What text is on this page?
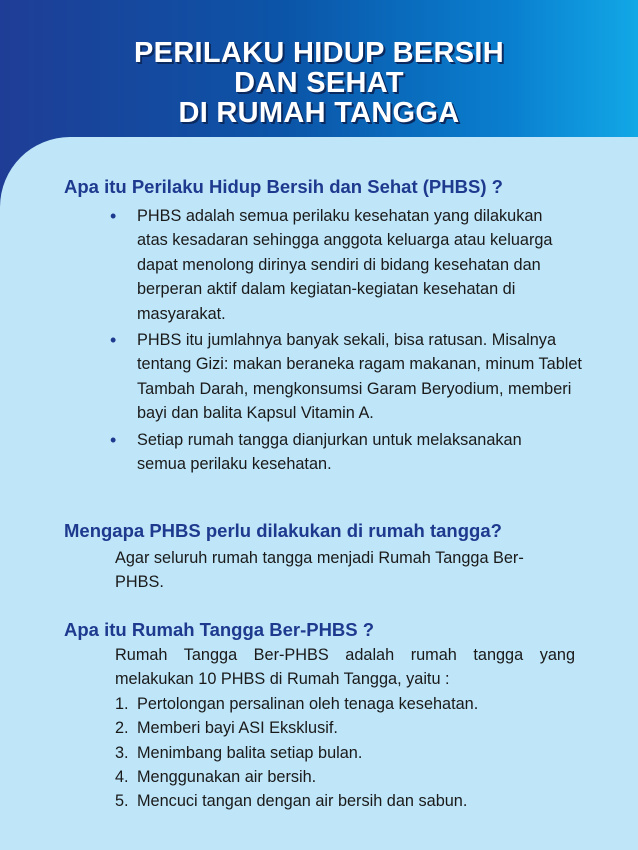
PERILAKU HIDUP BERSIH
DAN SEHAT
DI RUMAH TANGGA
Apa itu Perilaku Hidup Bersih dan Sehat (PHBS) ?
• PHBS adalah semua perilaku kesehatan yang dilakukan atas kesadaran sehingga anggota keluarga atau keluarga dapat menolong dirinya sendiri di bidang kesehatan dan berperan aktif dalam kegiatan-kegiatan kesehatan di masyarakat.
• PHBS itu jumlahnya banyak sekali, bisa ratusan. Misalnya tentang Gizi: makan beraneka ragam makanan, minum Tablet Tambah Darah, mengkonsumsi Garam Beryodium, memberi bayi dan balita Kapsul Vitamin A.
• Setiap rumah tangga dianjurkan untuk melaksanakan semua perilaku kesehatan.
Mengapa PHBS perlu dilakukan di rumah tangga?
Agar seluruh rumah tangga menjadi Rumah Tangga Ber-PHBS.
Apa itu Rumah Tangga Ber-PHBS ?
Rumah Tangga Ber-PHBS adalah rumah tangga yang melakukan 10 PHBS di Rumah Tangga, yaitu :
1. Pertolongan persalinan oleh tenaga kesehatan.
2. Memberi bayi ASI Eksklusif.
3. Menimbang balita setiap bulan.
4. Menggunakan air bersih.
5. Mencuci tangan dengan air bersih dan sabun.
